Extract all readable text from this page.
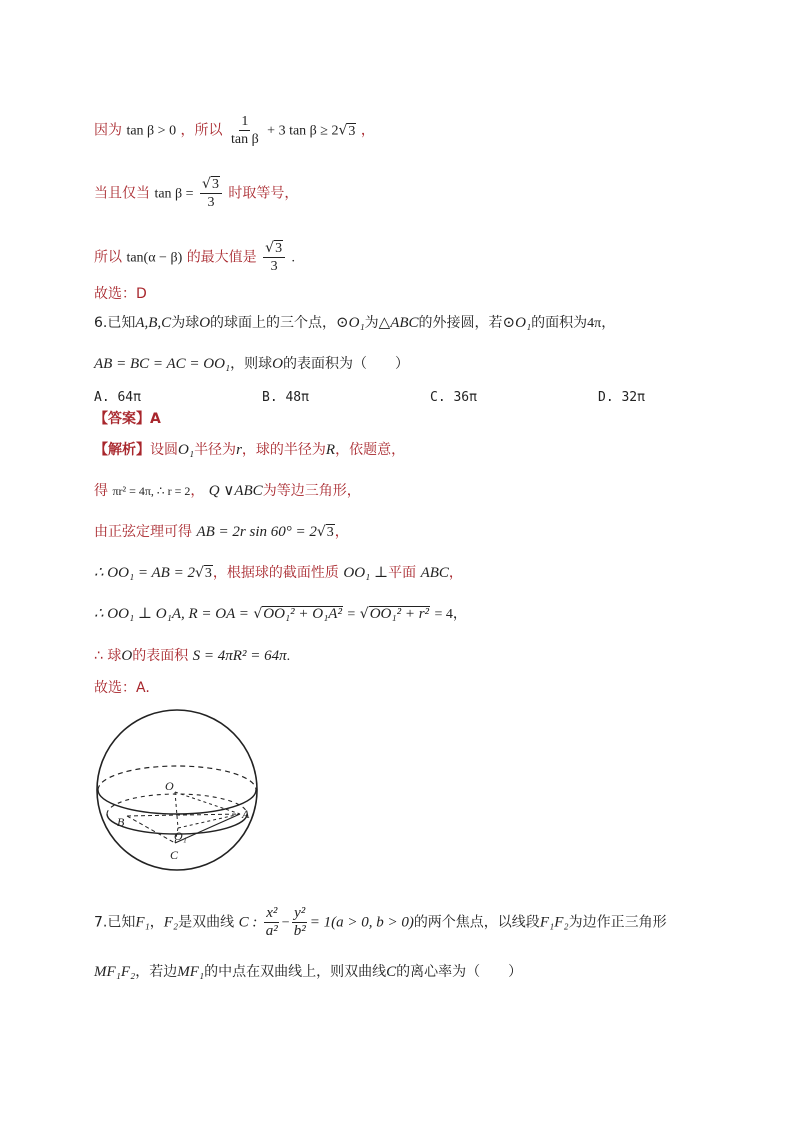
因为 tan β > 0 ，所以 $\frac{1}{\text{tan β}} + 3$ tan β ≥ 2√3 ，
当且仅当 $\tan \beta = \frac{√3}{3}$ 时取等号，
所以 tan(α − β) 的最大值是 $\frac{√3}{3}$ .
故选：D
6.已知A,B,C为球O的球面上的三个点，⊙O₁为△ABC的外接圆，若⊙O₁的面积为4π，
AB = BC = AC = OO₁，则球O的表面积为（　　）
A. 64π	B. 48π	C. 36π	D. 32π
【答案】A
【解析】设圆O₁半径为r，球的半径为R，依题意，
得 πr² = 4π, ∴ r = 2， Q ∨ABC为等边三角形，
由正弦定理可得 AB = 2r sin 60° = 2√3，
∴ OO₁ = AB = 2√3，根据球的截面性质 OO₁ ⊥平面 ABC，
∴ OO₁ ⊥ O₁A, R = OA = √OO₁² + O₁A² = √OO₁² + r² = 4，
∴ 球O的表面积 S = 4πR² = 64π.
故选：A.
O
A
B
C
O₁
7.已知F₁，F₂是双曲线 C : $\frac{\text{x²}}{\text{a²}} - \frac{\text{y²}}{\text{b²}} = 1(a > 0$, b > 0)的两个焦点，以线段F₁F₂为边作正三角形
MF₁F₂，若边MF₁的中点在双曲线上，则双曲线C的离心率为（　　）
